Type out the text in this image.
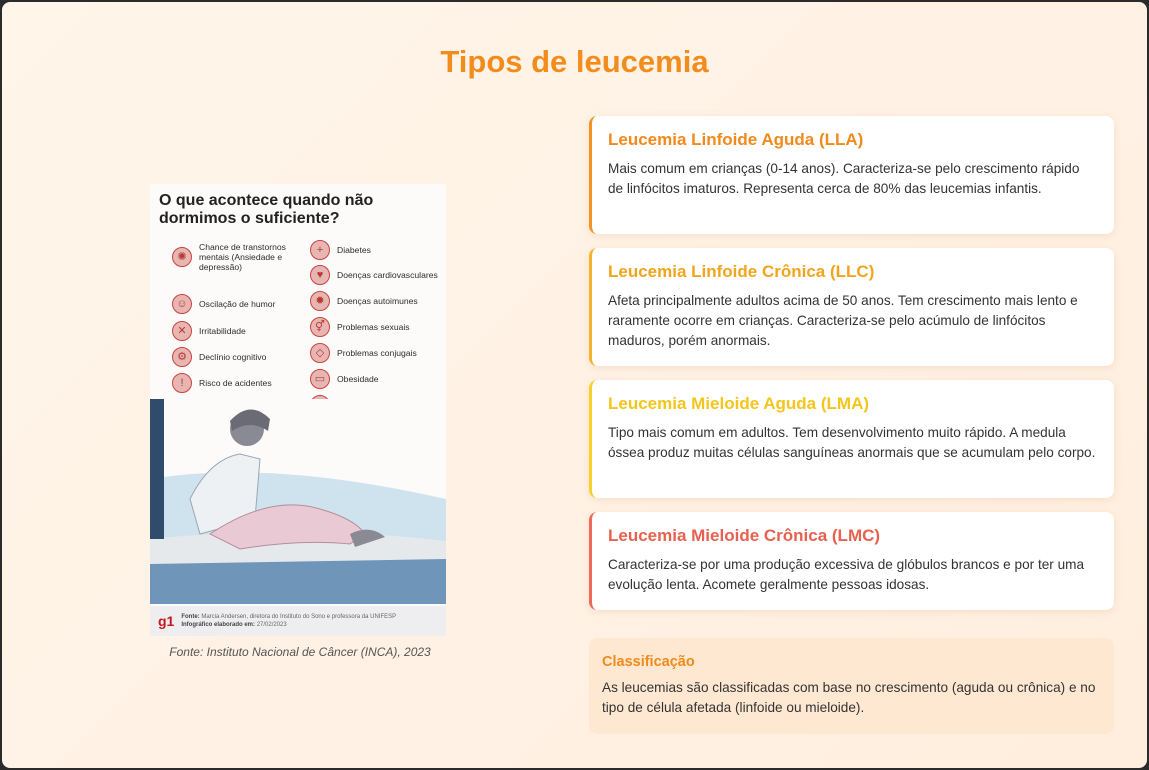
Tipos de leucemia
O que acontece quando não dormimos o suficiente?
✺
Chance de transtornos mentais (Ansiedade e depressão)
☺	Oscilação de humor
✕	Irritabilidade
⚙	Declínio cognitivo
!	Risco de acidentes
+	Diabetes
♥	Doenças cardiovasculares
✹	Doenças autoimunes
⚥	Problemas sexuais
◇	Problemas conjugais
▭	Obesidade
g1 Fonte: Marcia Andersen, diretora do Instituto do Sono e professora da UNIFESP
Infográfico elaborado em: 27/02/2023
Fonte: Instituto Nacional de Câncer (INCA), 2023
Leucemia Linfoide Aguda (LLA)

Mais comum em crianças (0-14 anos). Caracteriza-se pelo crescimento rápido de linfócitos imaturos. Representa cerca de 80% das leucemias infantis.

Leucemia Linfoide Crônica (LLC)

Afeta principalmente adultos acima de 50 anos. Tem crescimento mais lento e raramente ocorre em crianças. Caracteriza-se pelo acúmulo de linfócitos maduros, porém anormais.

Leucemia Mieloide Aguda (LMA)

Tipo mais comum em adultos. Tem desenvolvimento muito rápido. A medula óssea produz muitas células sanguíneas anormais que se acumulam pelo corpo.

Leucemia Mieloide Crônica (LMC)

Caracteriza-se por uma produção excessiva de glóbulos brancos e por ter uma evolução lenta. Acomete geralmente pessoas idosas.

Classificação

As leucemias são classificadas com base no crescimento (aguda ou crônica) e no tipo de célula afetada (linfoide ou mieloide).
